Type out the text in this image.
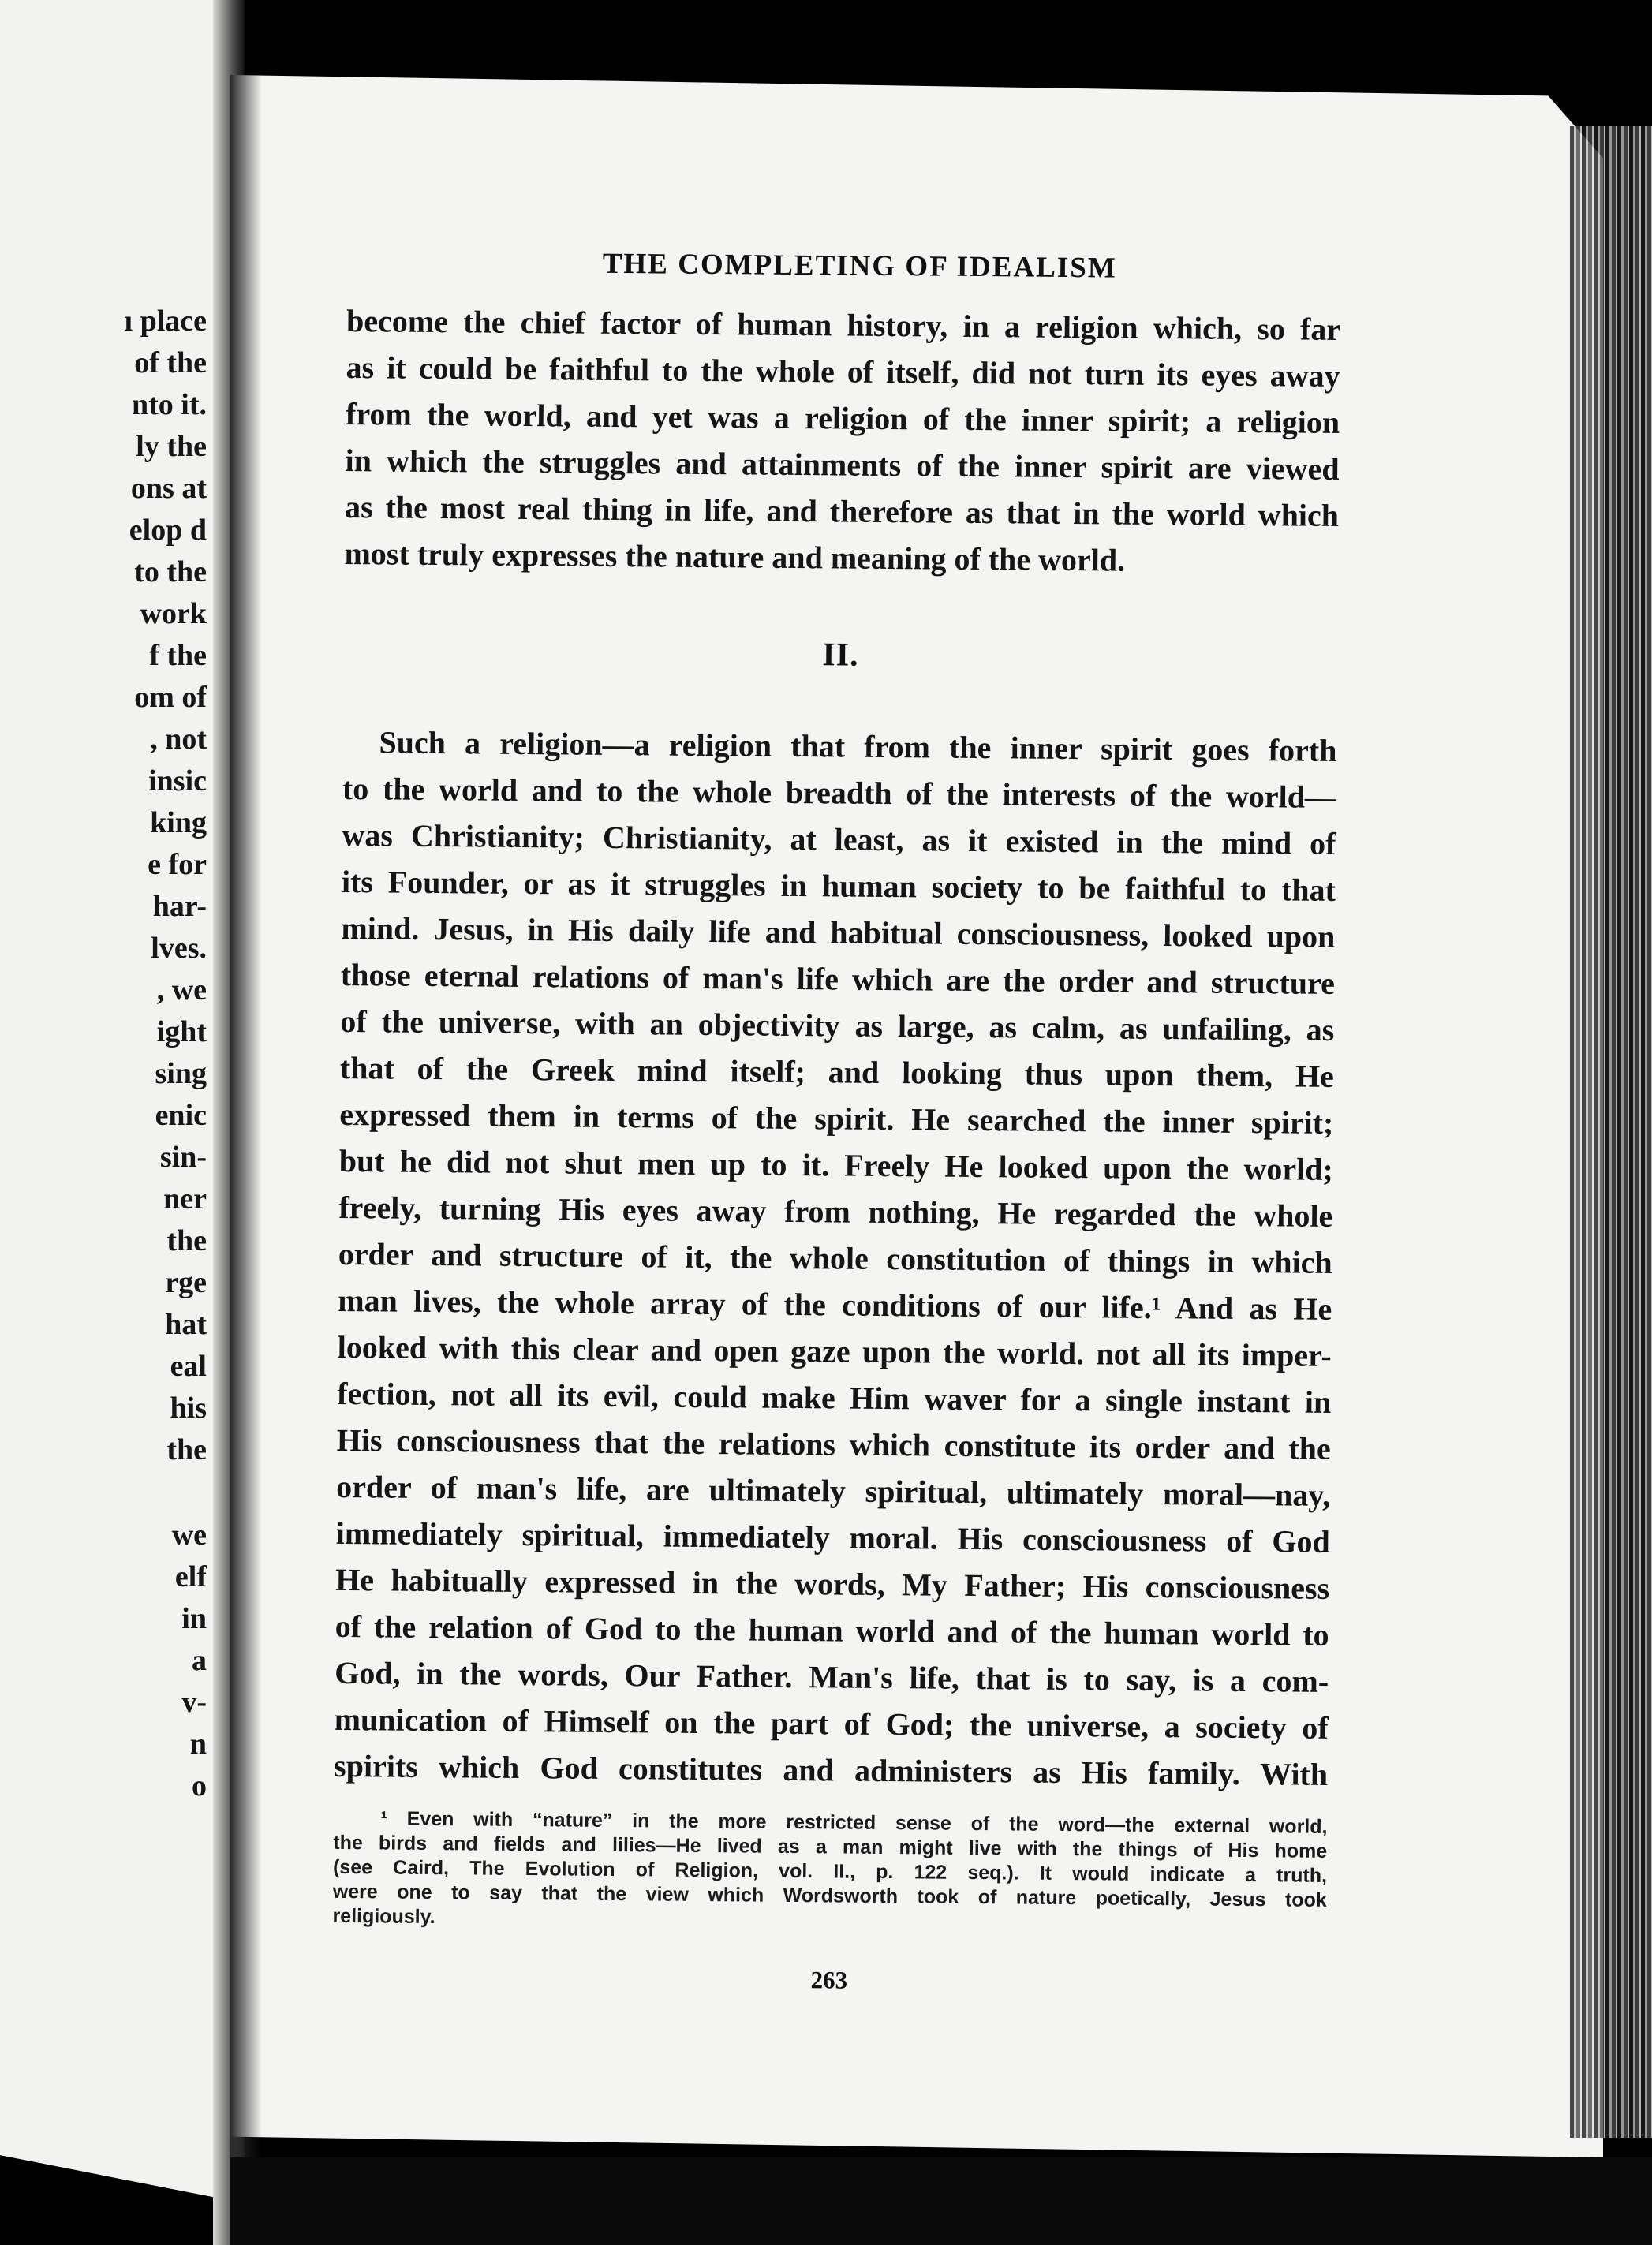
ı place
of the
nto it.
ly the
ons at
elop d
to the
work
f the
om of
, not
insic
king
e for
har-
lves.
, we
ight
sing
enic
sin-
ner
the
rge
hat
eal
his
the
we
elf
in
a
v-
n
o
THE COMPLETING OF IDEALISM
become the chief factor of human history, in a religion which, so far
as it could be faithful to the whole of itself, did not turn its eyes away
from the world, and yet was a religion of the inner spirit; a religion
in which the struggles and attainments of the inner spirit are viewed
as the most real thing in life, and therefore as that in the world which
most truly expresses the nature and meaning of the world.
II.
Such a religion—a religion that from the inner spirit goes forth
to the world and to the whole breadth of the interests of the world—
was Christianity; Christianity, at least, as it existed in the mind of
its Founder, or as it struggles in human society to be faithful to that
mind. Jesus, in His daily life and habitual consciousness, looked upon
those eternal relations of man's life which are the order and structure
of the universe, with an objectivity as large, as calm, as unfailing, as
that of the Greek mind itself; and looking thus upon them, He
expressed them in terms of the spirit. He searched the inner spirit;
but he did not shut men up to it. Freely He looked upon the world;
freely, turning His eyes away from nothing, He regarded the whole
order and structure of it, the whole constitution of things in which
man lives, the whole array of the conditions of our life.¹ And as He
looked with this clear and open gaze upon the world. not all its imper-
fection, not all its evil, could make Him waver for a single instant in
His consciousness that the relations which constitute its order and the
order of man's life, are ultimately spiritual, ultimately moral—nay,
immediately spiritual, immediately moral. His consciousness of God
He habitually expressed in the words, My Father; His consciousness
of the relation of God to the human world and of the human world to
God, in the words, Our Father. Man's life, that is to say, is a com-
munication of Himself on the part of God; the universe, a society of
spirits which God constitutes and administers as His family. With
¹ Even with “nature” in the more restricted sense of the word—the external world,
the birds and fields and lilies—He lived as a man might live with the things of His home
(see Caird, The Evolution of Religion, vol. II., p. 122 seq.). It would indicate a truth,
were one to say that the view which Wordsworth took of nature poetically, Jesus took
religiously.
263
